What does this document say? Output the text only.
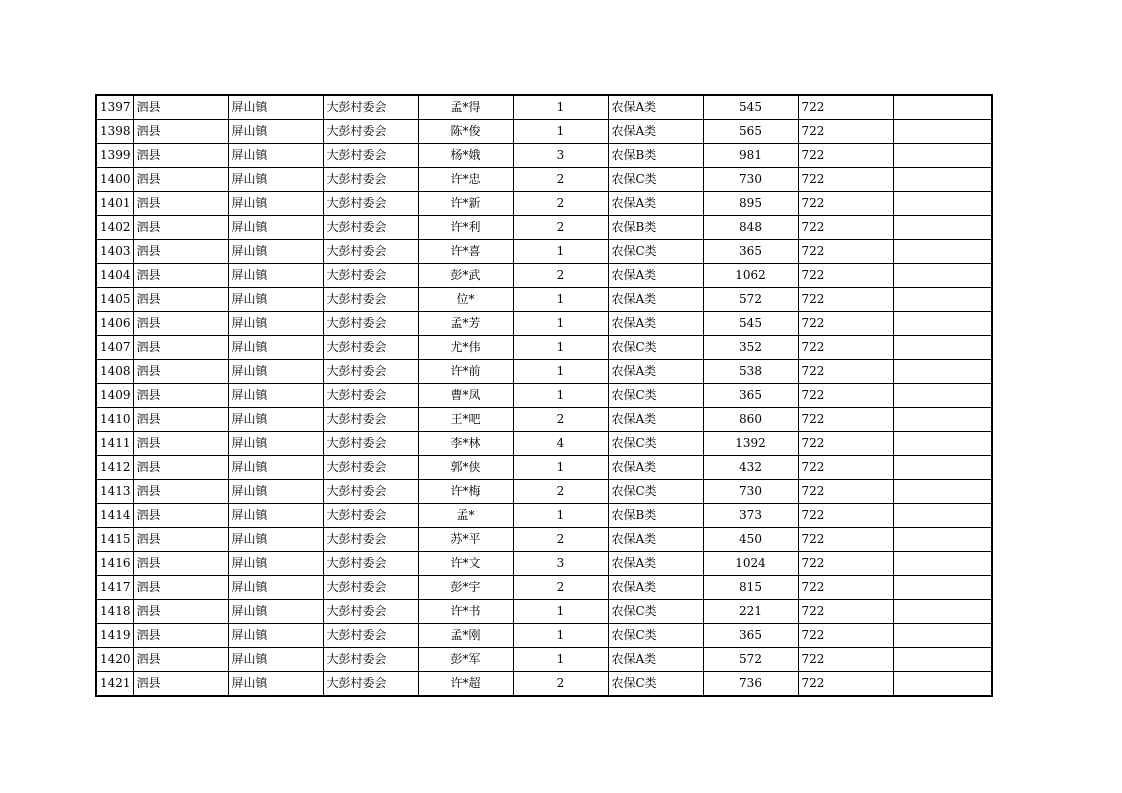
1397	泗县	屏山镇	大彭村委会	孟*得	1	农保A类	545	722	
1398	泗县	屏山镇	大彭村委会	陈*俊	1	农保A类	565	722	
1399	泗县	屏山镇	大彭村委会	杨*娥	3	农保B类	981	722	
1400	泗县	屏山镇	大彭村委会	许*忠	2	农保C类	730	722	
1401	泗县	屏山镇	大彭村委会	许*新	2	农保A类	895	722	
1402	泗县	屏山镇	大彭村委会	许*利	2	农保B类	848	722	
1403	泗县	屏山镇	大彭村委会	许*喜	1	农保C类	365	722	
1404	泗县	屏山镇	大彭村委会	彭*武	2	农保A类	1062	722	
1405	泗县	屏山镇	大彭村委会	位*	1	农保A类	572	722	
1406	泗县	屏山镇	大彭村委会	孟*芳	1	农保A类	545	722	
1407	泗县	屏山镇	大彭村委会	尤*伟	1	农保C类	352	722	
1408	泗县	屏山镇	大彭村委会	许*前	1	农保A类	538	722	
1409	泗县	屏山镇	大彭村委会	曹*凤	1	农保C类	365	722	
1410	泗县	屏山镇	大彭村委会	王*吧	2	农保A类	860	722	
1411	泗县	屏山镇	大彭村委会	李*林	4	农保C类	1392	722	
1412	泗县	屏山镇	大彭村委会	郭*侠	1	农保A类	432	722	
1413	泗县	屏山镇	大彭村委会	许*梅	2	农保C类	730	722	
1414	泗县	屏山镇	大彭村委会	孟*	1	农保B类	373	722	
1415	泗县	屏山镇	大彭村委会	苏*平	2	农保A类	450	722	
1416	泗县	屏山镇	大彭村委会	许*文	3	农保A类	1024	722	
1417	泗县	屏山镇	大彭村委会	彭*宇	2	农保A类	815	722	
1418	泗县	屏山镇	大彭村委会	许*书	1	农保C类	221	722	
1419	泗县	屏山镇	大彭村委会	孟*刚	1	农保C类	365	722	
1420	泗县	屏山镇	大彭村委会	彭*军	1	农保A类	572	722	
1421	泗县	屏山镇	大彭村委会	许*超	2	农保C类	736	722	
